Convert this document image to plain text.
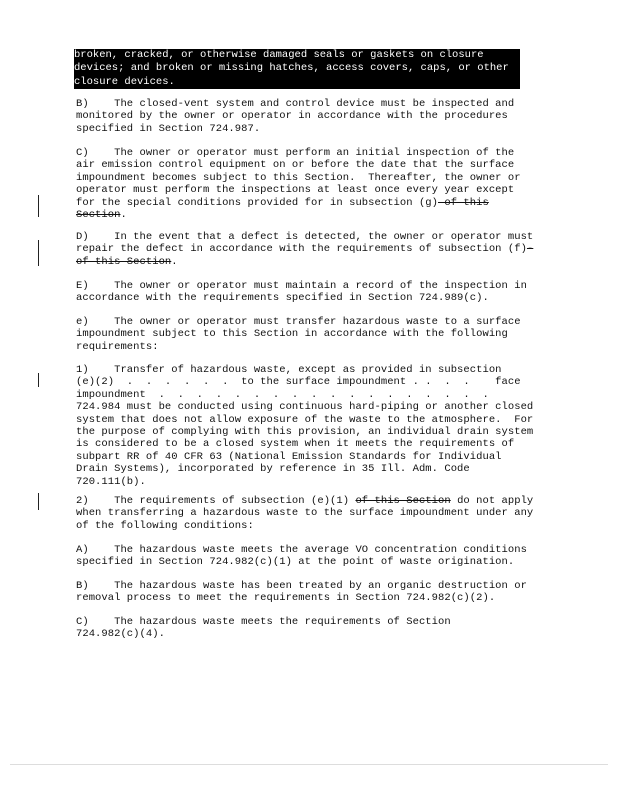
broken, cracked, or otherwise damaged seals or gaskets on closure
devices; and broken or missing hatches, access covers, caps, or other
closure devices.
B)    The closed-vent system and control device must be inspected and
monitored by the owner or operator in accordance with the procedures
specified in Section 724.987.
C)    The owner or operator must perform an initial inspection of the
air emission control equipment on or before the date that the surface
impoundment becomes subject to this Section.  Thereafter, the owner or
operator must perform the inspections at least once every year except
for the special conditions provided for in subsection (g) of this
Section.
D)    In the event that a defect is detected, the owner or operator must
repair the defect in accordance with the requirements of subsection (f)-
of this Section.
E)    The owner or operator must maintain a record of the inspection in
accordance with the requirements specified in Section 724.989(c).
e)    The owner or operator must transfer hazardous waste to a surface
impoundment subject to this Section in accordance with the following
requirements:
1)    Transfer of hazardous waste, except as provided in subsection
(e)(2)  .  .  .  .  .  .  to the surface impoundment . .  .  .    face
impoundment  .  .  .  .  .  .  .  .  .  .  .  .  .  .  .  .  .  .
724.984 must be conducted using continuous hard-piping or another closed
system that does not allow exposure of the waste to the atmosphere.  For
the purpose of complying with this provision, an individual drain system
is considered to be a closed system when it meets the requirements of
subpart RR of 40 CFR 63 (National Emission Standards for Individual
Drain Systems), incorporated by reference in 35 Ill. Adm. Code
720.111(b).
2)    The requirements of subsection (e)(1) of this Section do not apply
when transferring a hazardous waste to the surface impoundment under any
of the following conditions:
A)    The hazardous waste meets the average VO concentration conditions
specified in Section 724.982(c)(1) at the point of waste origination.
B)    The hazardous waste has been treated by an organic destruction or
removal process to meet the requirements in Section 724.982(c)(2).
C)    The hazardous waste meets the requirements of Section
724.982(c)(4).
